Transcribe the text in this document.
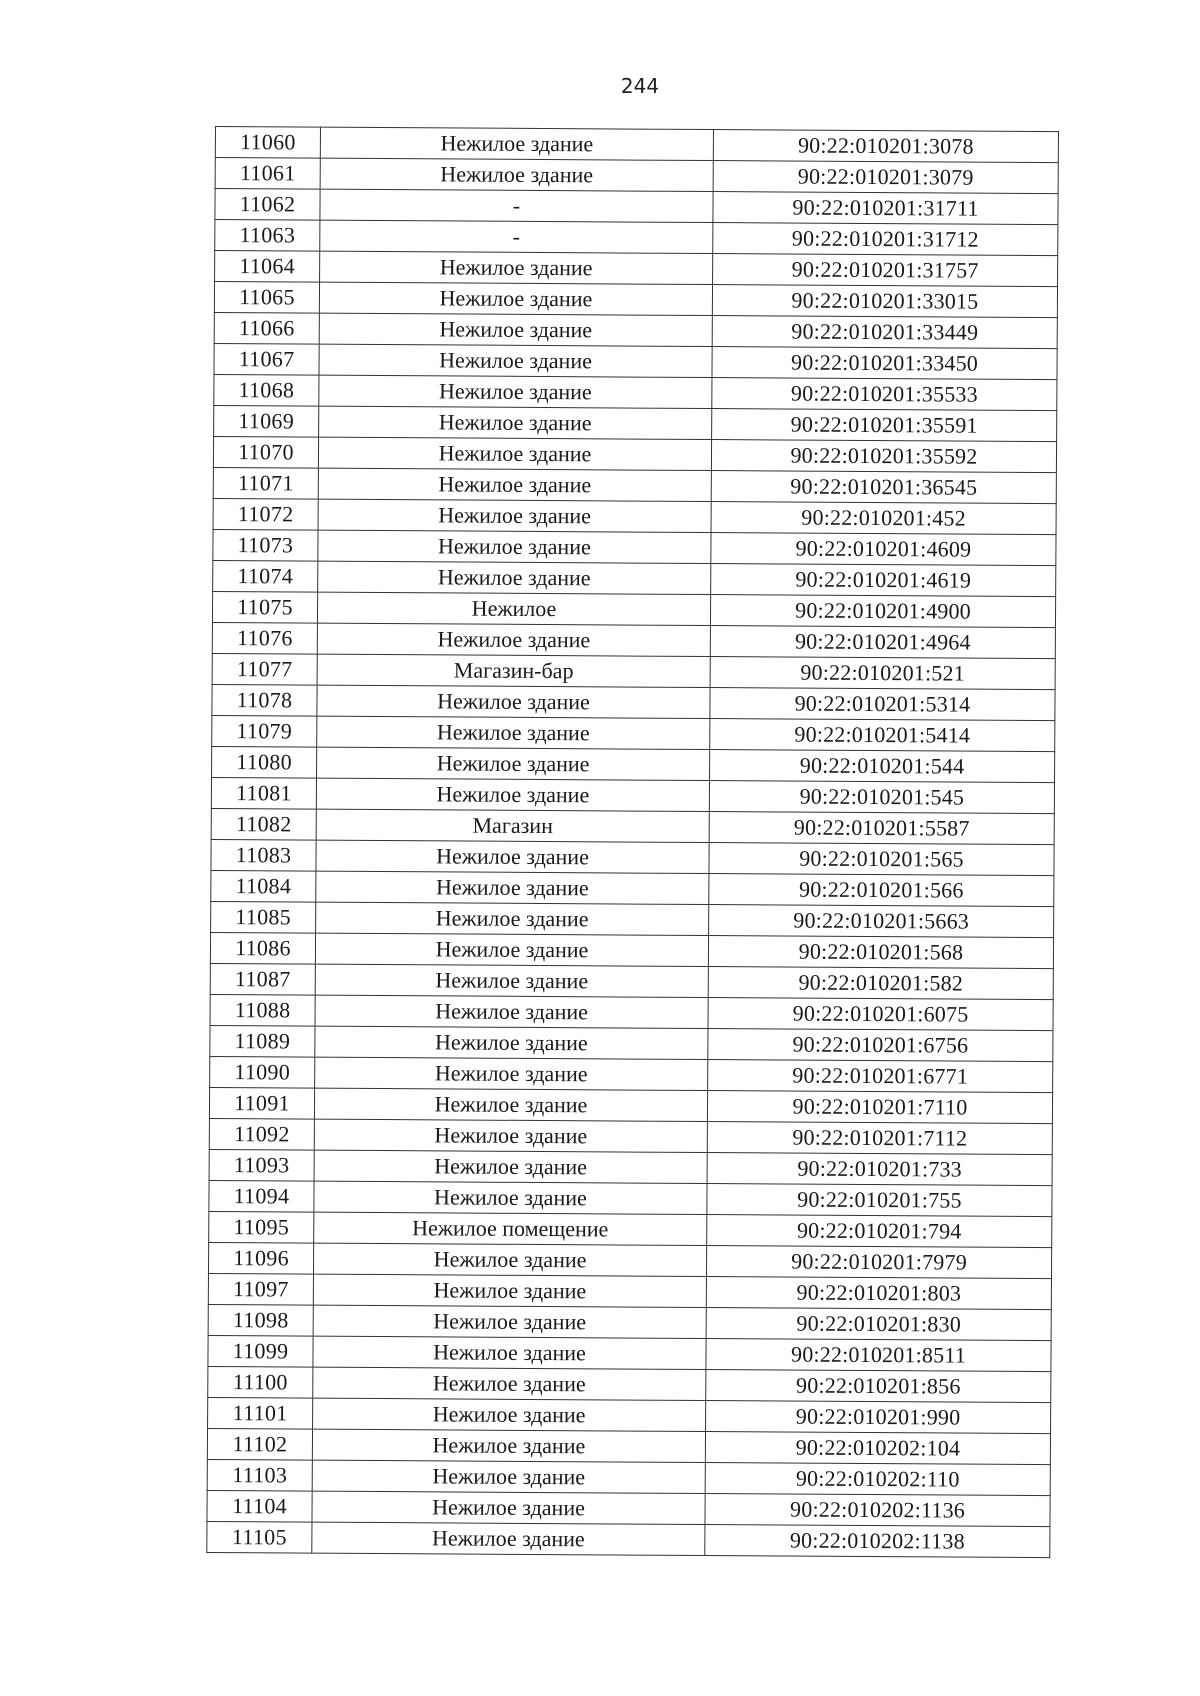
244
11060	Нежилое здание	90:22:010201:3078
11061	Нежилое здание	90:22:010201:3079
11062	-	90:22:010201:31711
11063	-	90:22:010201:31712
11064	Нежилое здание	90:22:010201:31757
11065	Нежилое здание	90:22:010201:33015
11066	Нежилое здание	90:22:010201:33449
11067	Нежилое здание	90:22:010201:33450
11068	Нежилое здание	90:22:010201:35533
11069	Нежилое здание	90:22:010201:35591
11070	Нежилое здание	90:22:010201:35592
11071	Нежилое здание	90:22:010201:36545
11072	Нежилое здание	90:22:010201:452
11073	Нежилое здание	90:22:010201:4609
11074	Нежилое здание	90:22:010201:4619
11075	Нежилое	90:22:010201:4900
11076	Нежилое здание	90:22:010201:4964
11077	Магазин-бар	90:22:010201:521
11078	Нежилое здание	90:22:010201:5314
11079	Нежилое здание	90:22:010201:5414
11080	Нежилое здание	90:22:010201:544
11081	Нежилое здание	90:22:010201:545
11082	Магазин	90:22:010201:5587
11083	Нежилое здание	90:22:010201:565
11084	Нежилое здание	90:22:010201:566
11085	Нежилое здание	90:22:010201:5663
11086	Нежилое здание	90:22:010201:568
11087	Нежилое здание	90:22:010201:582
11088	Нежилое здание	90:22:010201:6075
11089	Нежилое здание	90:22:010201:6756
11090	Нежилое здание	90:22:010201:6771
11091	Нежилое здание	90:22:010201:7110
11092	Нежилое здание	90:22:010201:7112
11093	Нежилое здание	90:22:010201:733
11094	Нежилое здание	90:22:010201:755
11095	Нежилое помещение	90:22:010201:794
11096	Нежилое здание	90:22:010201:7979
11097	Нежилое здание	90:22:010201:803
11098	Нежилое здание	90:22:010201:830
11099	Нежилое здание	90:22:010201:8511
11100	Нежилое здание	90:22:010201:856
11101	Нежилое здание	90:22:010201:990
11102	Нежилое здание	90:22:010202:104
11103	Нежилое здание	90:22:010202:110
11104	Нежилое здание	90:22:010202:1136
11105	Нежилое здание	90:22:010202:1138
